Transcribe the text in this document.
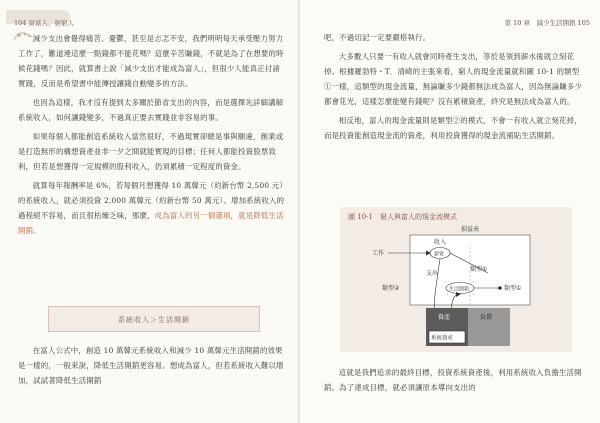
104 富富人，窮窮人

減少支出會覺得痛苦、憂鬱，甚至是忐忑不安，我們明明每天承受壓力努力工作了，難道連這麼一點錢都不能花嗎？這麼辛苦賺錢，不就是為了在想要的時候花錢嗎？因此，就算書上說「減少支出才能成為富人」，但很少人能真正付諸實踐，反而是希望書中能傳授讓錢自動變多的方法。

也因為這樣，我才沒有提到太多關於節省支出的內容，而是選擇先詳細講解系統收入，如何讓錢變多，不過真正要去實踐並非容易的事。

如果每個人都能創造系統收入當然很好，不過現實卻總是事與願違，創業或是打造無形的構想資產並非一夕之間就能實現的目標；任何人都能投資股票致利，但若是想獲得一定規模的股利收入，仍須累積一定程度的資金。

就算每年報酬率是 6%，若每個月想獲得 10 萬韓元（約新台幣 2,500 元）的系統收入，就必須投資 2,000 萬韓元（約新台幣 50 萬元）。增加系統收入的過程絕不容易，而且很枯燥乏味，那麼，成為富人的另一個選項，就是降低生活開銷。

系統收入＞生活開銷

在富人公式中，創造 10 萬韓元系統收入和減少 10 萬韓元生活開銷的效果是一樣的，一般來說，降低生活開銷更容易。想成為富人，但若系統收入難以增加，試試著降低生活開銷

第 10 章　減少生活開銷 105

吧，不過切記一定要嚴格執行。

大多數人只要一有收入就會同時產生支出，等於是領到薪水後就立刻花掉。根據羅勃特・T．清崎的主張來看，窮人的現金流量就和圖 10-1 的類型①一樣，這類型的現金流量，無論賺多少錢都無法成為富人，因為無論賺多少都會花光，這樣怎麼能變有錢呢？沒有累積資產，終究是無法成為富人的。

相反地，富人的現金流量則是類型②的模式，不會一有收入就立刻花掉，而是投資能創造現金流的資產，利用投資獲得的現金流補貼生活開銷。

這就是我們追求的最終目標，投資系統資產後，利用系統收入負擔生活開銷。為了達成目標，就必須讓原本導向支出的

圖 10-1　窮人與富人的現金流模式
損益表
工作	薪資
收入
類型①
類型②
支出
生活開銷	類型①
資產	負債
系統資產
